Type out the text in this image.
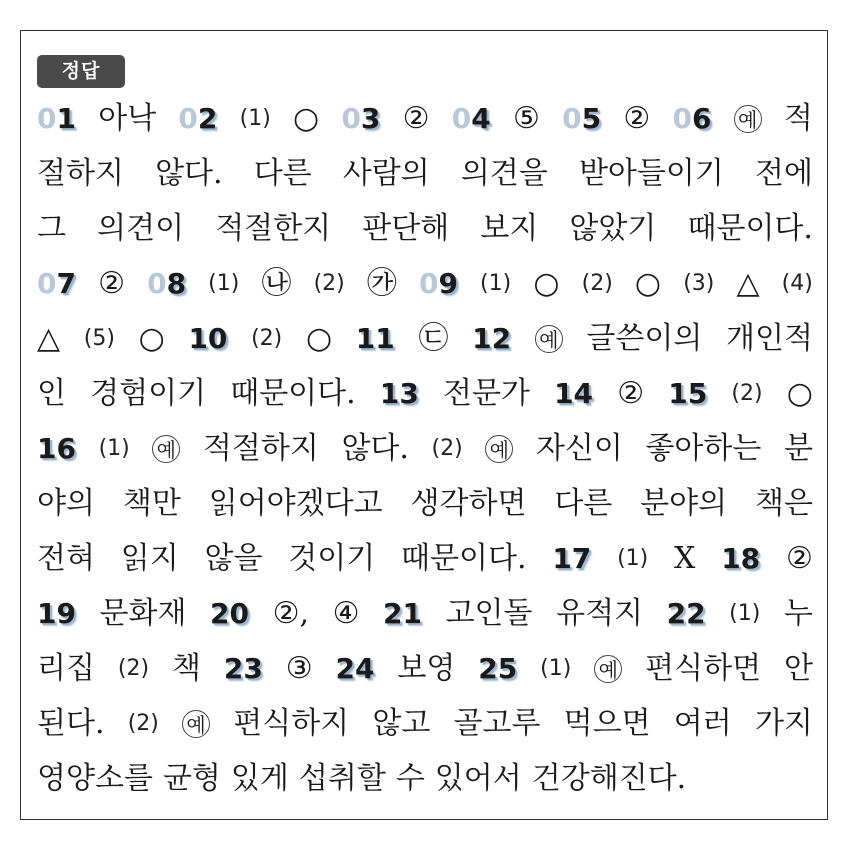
정답
01 아낙 02 (1) ○ 03 ② 04 ⑤ 05 ② 06 예 적
절하지 않다. 다른 사람의 의견을 받아들이기 전에
그 의견이 적절한지 판단해 보지 않았기 때문이다.
07 ② 08 (1) ㉯ (2) ㉮ 09 (1) ○ (2) ○ (3) △ (4)
△ (5) ○ 10 (2) ○ 11 ㉢ 12 예 글쓴이의 개인적
인 경험이기 때문이다. 13 전문가 14 ② 15 (2) ○
16 (1) 예 적절하지 않다. (2) 예 자신이 좋아하는 분
야의 책만 읽어야겠다고 생각하면 다른 분야의 책은
전혀 읽지 않을 것이기 때문이다. 17 (1) X 18 ②
19 문화재 20 ②, ④ 21 고인돌 유적지 22 (1) 누
리집 (2) 책 23 ③ 24 보영 25 (1) 예 편식하면 안
된다. (2) 예 편식하지 않고 골고루 먹으면 여러 가지
영양소를 균형 있게 섭취할 수 있어서 건강해진다.
